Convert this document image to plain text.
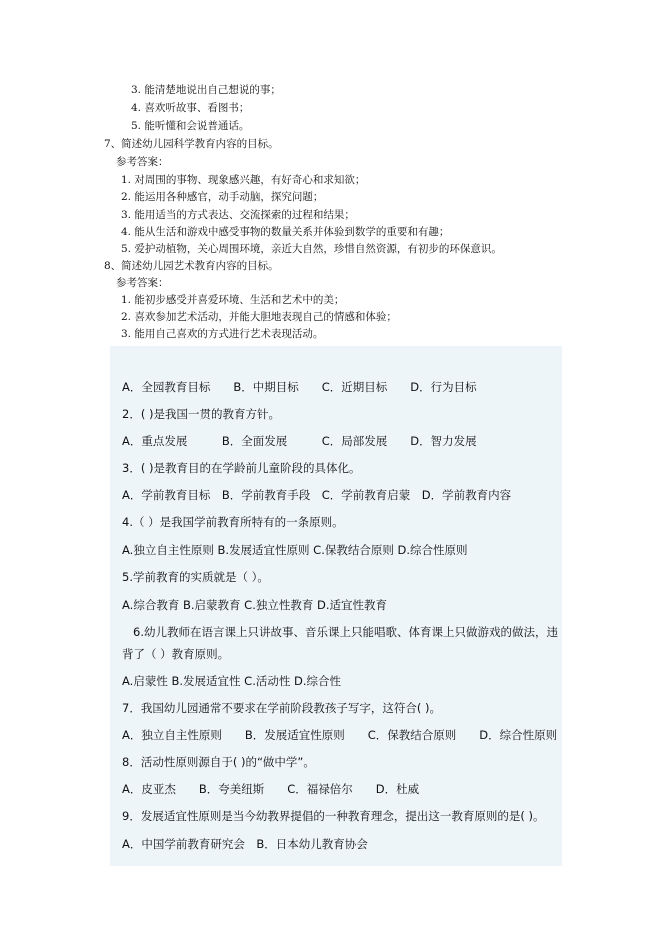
3. 能清楚地说出自己想说的事；
4. 喜欢听故事、看图书；
5. 能听懂和会说普通话。
7、简述幼儿园科学教育内容的目标。
参考答案：
1. 对周围的事物、现象感兴趣，有好奇心和求知欲；
2. 能运用各种感官，动手动脑，探究问题；
3. 能用适当的方式表达、交流探索的过程和结果；
4. 能从生活和游戏中感受事物的数量关系并体验到数学的重要和有趣；
5. 爱护动植物，关心周围环境，亲近大自然，珍惜自然资源，有初步的环保意识。
8、简述幼儿园艺术教育内容的目标。
参考答案：
1. 能初步感受并喜爱环境、生活和艺术中的美；
2. 喜欢参加艺术活动，并能大胆地表现自己的情感和体验；
3. 能用自己喜欢的方式进行艺术表现活动。
A．全园教育目标　　B．中期目标　　C．近期目标　　D．行为目标
2．( )是我国一贯的教育方针。
A．重点发展　　　B．全面发展　　　C．局部发展　　D．智力发展
3．( )是教育目的在学龄前儿童阶段的具体化。
A．学前教育目标　B．学前教育手段　C．学前教育启蒙　D．学前教育内容
4.（ ）是我国学前教育所特有的一条原则。
A.独立自主性原则 B.发展适宜性原则 C.保教结合原则 D.综合性原则
5.学前教育的实质就是（ ）。
A.综合教育 B.启蒙教育 C.独立性教育 D.适宜性教育
6.幼儿教师在语言课上只讲故事、音乐课上只能唱歌、体育课上只做游戏的做法，违
背了（ ）教育原则。
A.启蒙性 B.发展适宜性 C.活动性 D.综合性
7．我国幼儿园通常不要求在学前阶段教孩子写字，这符合( )。
A．独立自主性原则　　B．发展适宜性原则　　C．保教结合原则　　D．综合性原则
8．活动性原则源自于( )的“做中学”。
A．皮亚杰　　B．夸美纽斯　　C．福禄倍尔　　D．杜威
9．发展适宜性原则是当今幼教界提倡的一种教育理念，提出这一教育原则的是( )。
A．中国学前教育研究会　B．日本幼儿教育协会
